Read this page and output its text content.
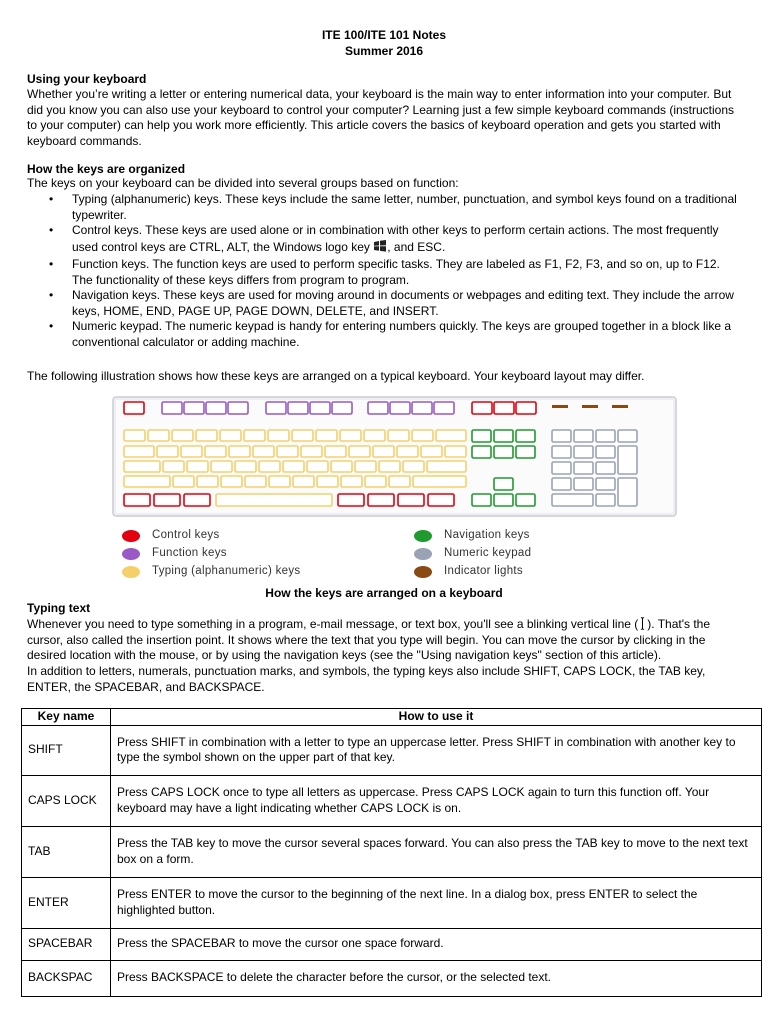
ITE 100/ITE 101 Notes
Summer 2016
Using your keyboard

Whether you’re writing a letter or entering numerical data, your keyboard is the main way to enter information into your computer. But did you know you can also use your keyboard to control your computer? Learning just a few simple keyboard commands (instructions to your computer) can help you work more efficiently. This article covers the basics of keyboard operation and gets you started with keyboard commands.

How the keys are organized

The keys on your keyboard can be divided into several groups based on function:

• Typing (alphanumeric) keys. These keys include the same letter, number, punctuation, and symbol keys found on a traditional typewriter.
• Control keys. These keys are used alone or in combination with other keys to perform certain actions. The most frequently used control keys are CTRL, ALT, the Windows logo key , and ESC.
• Function keys. The function keys are used to perform specific tasks. They are labeled as F1, F2, F3, and so on, up to F12. The functionality of these keys differs from program to program.
• Navigation keys. These keys are used for moving around in documents or webpages and editing text. They include the arrow keys, HOME, END, PAGE UP, PAGE DOWN, DELETE, and INSERT.
• Numeric keypad. The numeric keypad is handy for entering numbers quickly. The keys are grouped together in a block like a conventional calculator or adding machine.

The following illustration shows how these keys are arranged on a typical keyboard. Your keyboard layout may differ.

Control keys
Function keys
Typing (alphanumeric) keys
Navigation keys
Numeric keypad
Indicator lights
How the keys are arranged on a keyboard
Typing text

Whenever you need to type something in a program, e-mail message, or text box, you'll see a blinking vertical line ( ). That's the cursor, also called the insertion point. It shows where the text that you type will begin. You can move the cursor by clicking in the desired location with the mouse, or by using the navigation keys (see the "Using navigation keys" section of this article).

In addition to letters, numerals, punctuation marks, and symbols, the typing keys also include SHIFT, CAPS LOCK, the TAB key, ENTER, the SPACEBAR, and BACKSPACE.

Key name	How to use it
SHIFT	Press SHIFT in combination with a letter to type an uppercase letter. Press SHIFT in combination with another key to type the symbol shown on the upper part of that key.
CAPS LOCK	Press CAPS LOCK once to type all letters as uppercase. Press CAPS LOCK again to turn this function off. Your keyboard may have a light indicating whether CAPS LOCK is on.
TAB	Press the TAB key to move the cursor several spaces forward. You can also press the TAB key to move to the next text box on a form.
ENTER	Press ENTER to move the cursor to the beginning of the next line. In a dialog box, press ENTER to select the highlighted button.
SPACEBAR	Press the SPACEBAR to move the cursor one space forward.
BACKSPAC	Press BACKSPACE to delete the character before the cursor, or the selected text.
